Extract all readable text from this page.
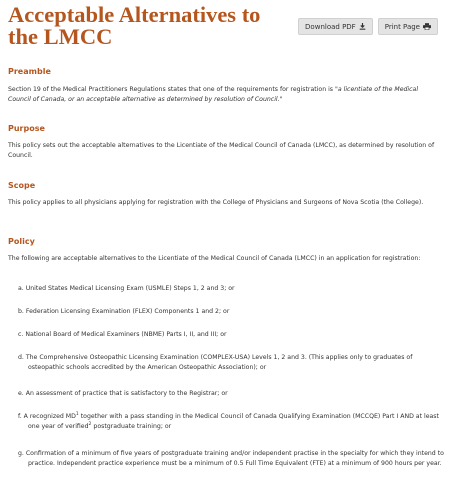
Acceptable Alternatives to the LMCC	Download PDF	Print Page
Preamble

Section 19 of the Medical Practitioners Regulations states that one of the requirements for registration is "a licentiate of the Medical Council of Canada, or an acceptable alternative as determined by resolution of Council."

Purpose

This policy sets out the acceptable alternatives to the Licentiate of the Medical Council of Canada (LMCC), as determined by resolution of Council.

Scope

This policy applies to all physicians applying for registration with the College of Physicians and Surgeons of Nova Scotia (the College).

Policy

The following are acceptable alternatives to the Licentiate of the Medical Council of Canada (LMCC) in an application for registration:

a. United States Medical Licensing Exam (USMLE) Steps 1, 2 and 3; or

b. Federation Licensing Examination (FLEX) Components 1 and 2; or

c. National Board of Medical Examiners (NBME) Parts I, II, and III; or

d. The Comprehensive Osteopathic Licensing Examination (COMPLEX-USA) Levels 1, 2 and 3. (This applies only to graduates of osteopathic schools accredited by the American Osteopathic Association); or

e. An assessment of practice that is satisfactory to the Registrar; or

f. A recognized $MD^1$ together with a pass standing in the Medical Council of Canada Qualifying Examination (MCCQE) Part I AND at least one year of verified$^2$ postgraduate training; or

g. Confirmation of a minimum of five years of postgraduate training and/or independent practise in the specialty for which they intend to practice. Independent practice experience must be a minimum of 0.5 Full Time Equivalent (FTE) at a minimum of 900 hours per year.
